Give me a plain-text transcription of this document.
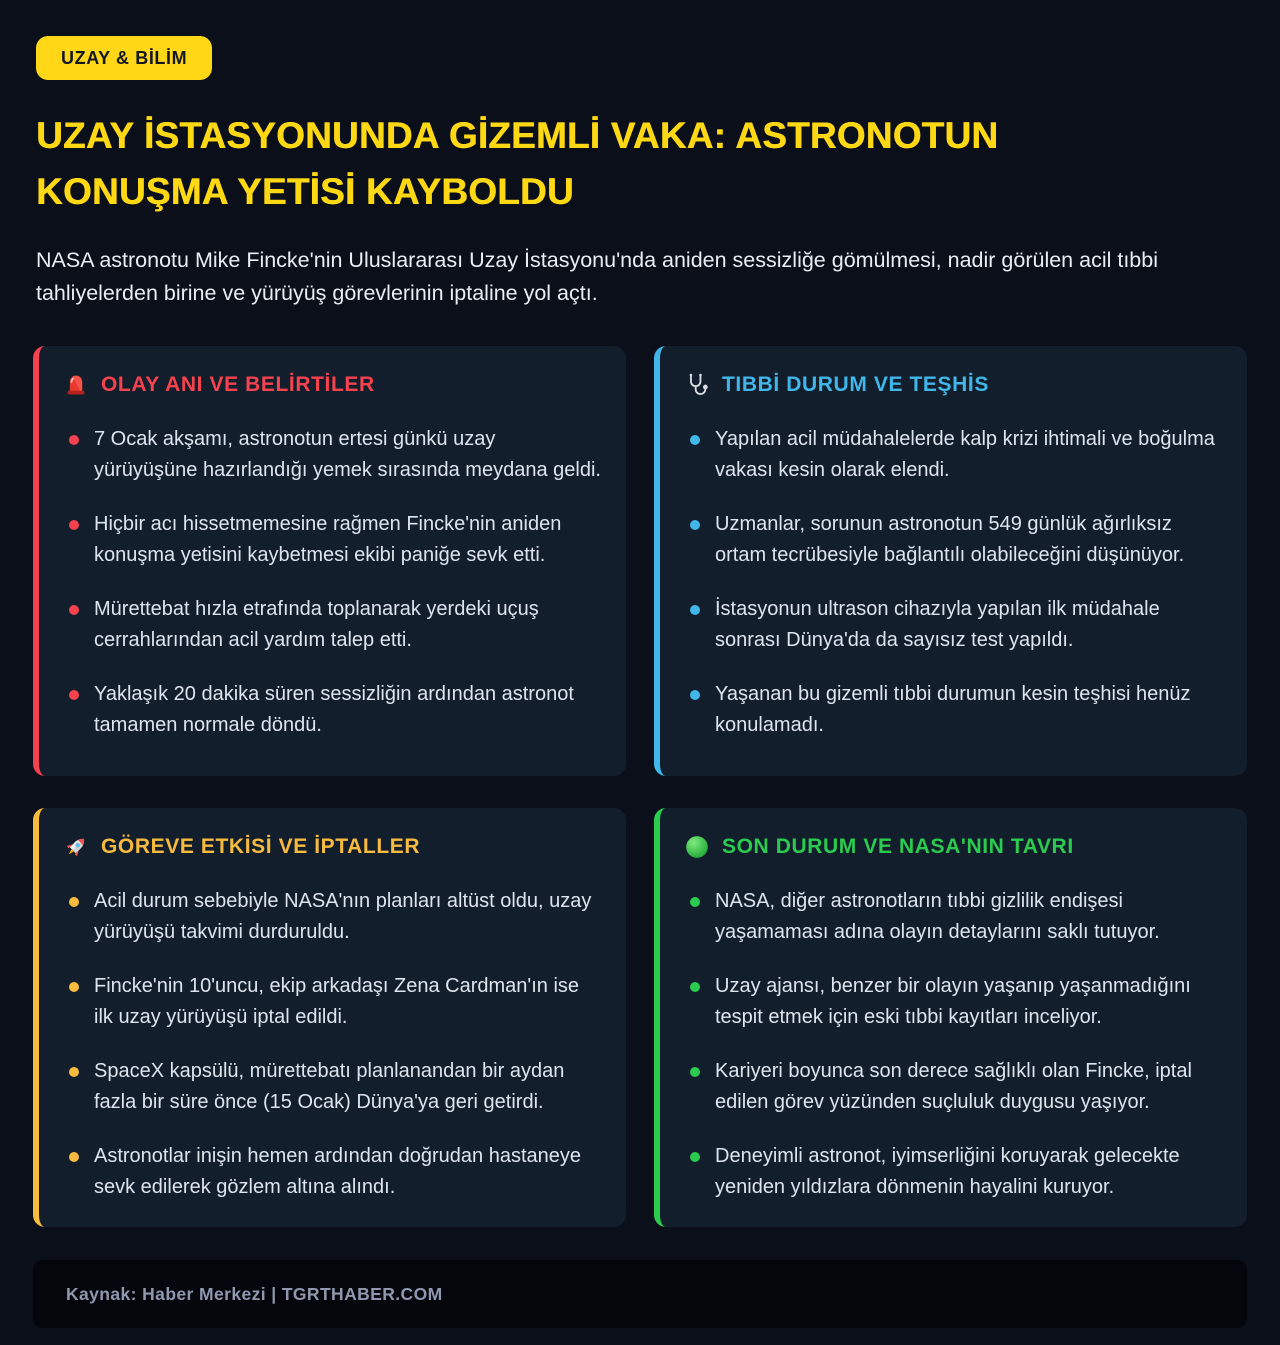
UZAY & BİLİM
UZAY İSTASYONUNDA GİZEMLİ VAKA: ASTRONOTUN KONUŞMA YETİSİ KAYBOLDU

NASA astronotu Mike Fincke'nin Uluslararası Uzay İstasyonu'nda aniden sessizliğe gömülmesi, nadir görülen acil tıbbi tahliyelerden birine ve yürüyüş görevlerinin iptaline yol açtı.

OLAY ANI VE BELİRTİLER
7 Ocak akşamı, astronotun ertesi günkü uzay yürüyüşüne hazırlandığı yemek sırasında meydana geldi.
Hiçbir acı hissetmemesine rağmen Fincke'nin aniden konuşma yetisini kaybetmesi ekibi paniğe sevk etti.
Mürettebat hızla etrafında toplanarak yerdeki uçuş cerrahlarından acil yardım talep etti.
Yaklaşık 20 dakika süren sessizliğin ardından astronot tamamen normale döndü.
TIBBİ DURUM VE TEŞHİS
Yapılan acil müdahalelerde kalp krizi ihtimali ve boğulma vakası kesin olarak elendi.
Uzmanlar, sorunun astronotun 549 günlük ağırlıksız ortam tecrübesiyle bağlantılı olabileceğini düşünüyor.
İstasyonun ultrason cihazıyla yapılan ilk müdahale sonrası Dünya'da da sayısız test yapıldı.
Yaşanan bu gizemli tıbbi durumun kesin teşhisi henüz konulamadı.
GÖREVE ETKİSİ VE İPTALLER
Acil durum sebebiyle NASA'nın planları altüst oldu, uzay yürüyüşü takvimi durduruldu.
Fincke'nin 10'uncu, ekip arkadaşı Zena Cardman'ın ise ilk uzay yürüyüşü iptal edildi.
SpaceX kapsülü, mürettebatı planlanandan bir aydan fazla bir süre önce (15 Ocak) Dünya'ya geri getirdi.
Astronotlar inişin hemen ardından doğrudan hastaneye sevk edilerek gözlem altına alındı.
SON DURUM VE NASA'NIN TAVRI
NASA, diğer astronotların tıbbi gizlilik endişesi yaşamaması adına olayın detaylarını saklı tutuyor.
Uzay ajansı, benzer bir olayın yaşanıp yaşanmadığını tespit etmek için eski tıbbi kayıtları inceliyor.
Kariyeri boyunca son derece sağlıklı olan Fincke, iptal edilen görev yüzünden suçluluk duygusu yaşıyor.
Deneyimli astronot, iyimserliğini koruyarak gelecekte yeniden yıldızlara dönmenin hayalini kuruyor.
Kaynak: Haber Merkezi | TGRTHABER.COM
